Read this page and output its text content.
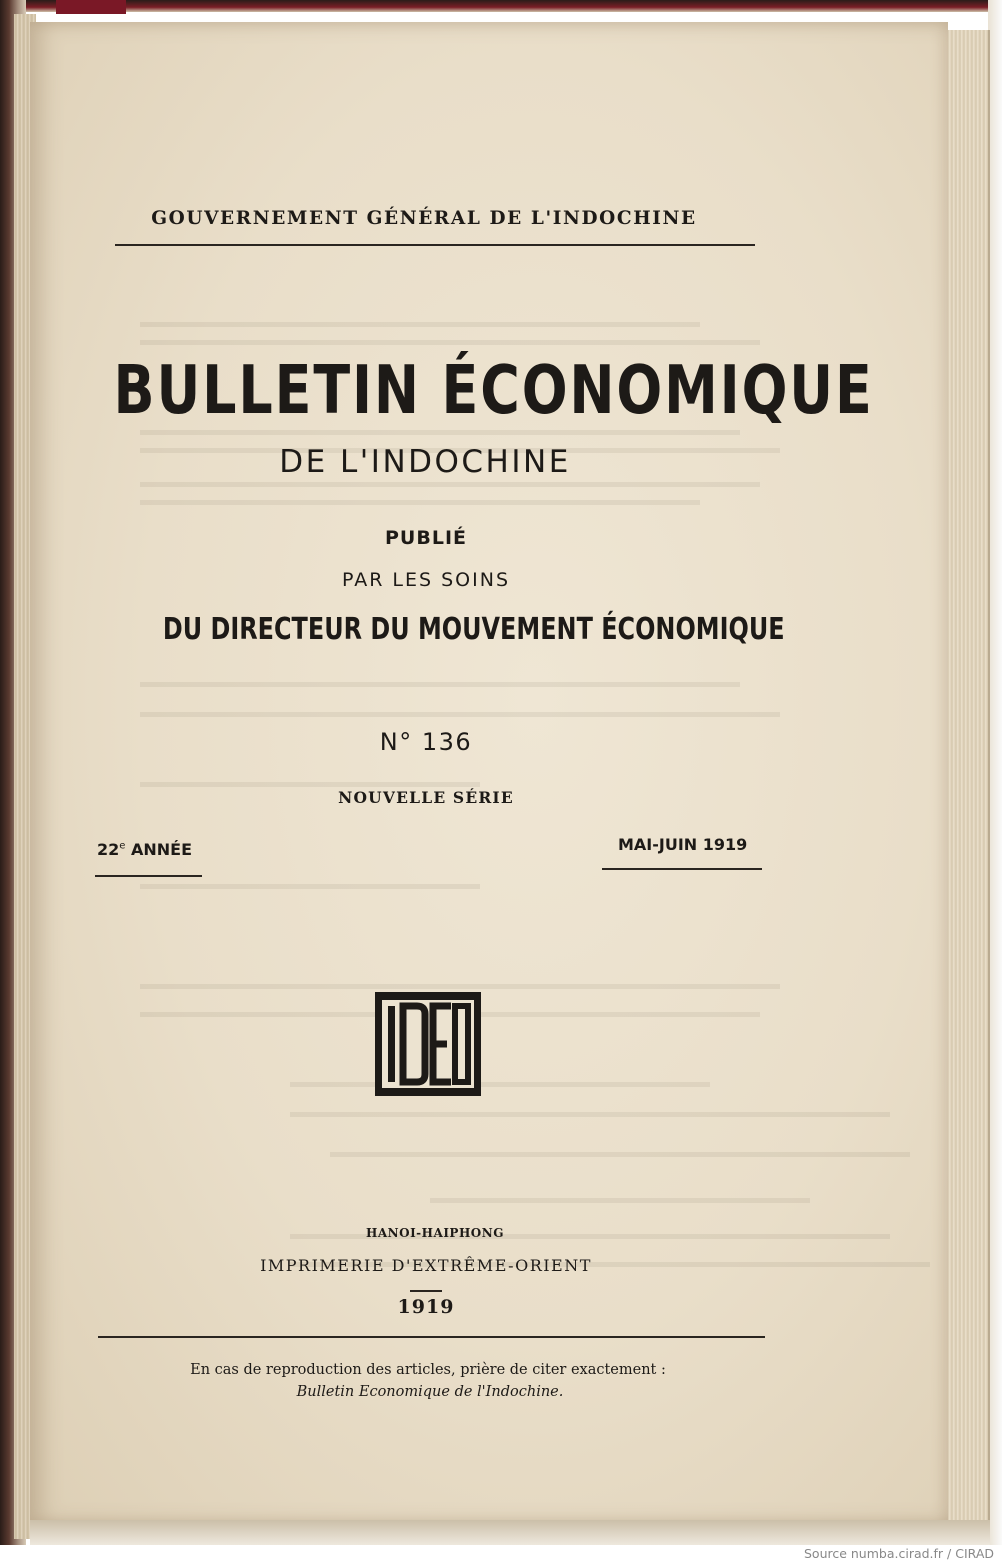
GOUVERNEMENT GÉNÉRAL DE L'INDOCHINE
BULLETIN ÉCONOMIQUE
DE L'INDOCHINE
PUBLIÉ
PAR LES SOINS
DU DIRECTEUR DU MOUVEMENT ÉCONOMIQUE
N° 136
NOUVELLE SÉRIE
22e ANNÉE	MAI-JUIN 1919
HANOI-HAIPHONG
IMPRIMERIE D'EXTRÊME-ORIENT
1919
En cas de reproduction des articles, prière de citer exactement :
Bulletin Economique de l'Indochine.
Source numba.cirad.fr / CIRAD
